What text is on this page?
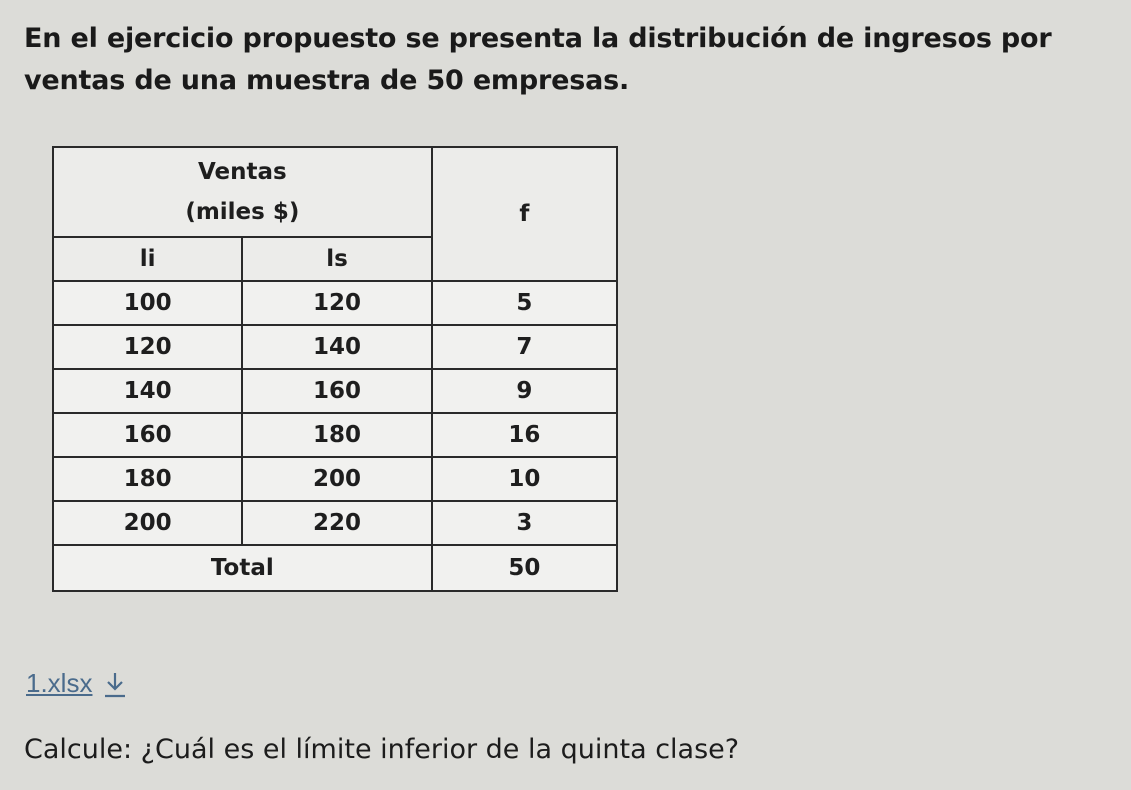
En el ejercicio propuesto se presenta la distribución de ingresos por ventas de una muestra de 50 empresas.
Ventas
(miles $)		f
li	ls	
100	120	5
120	140	7
140	160	9
160	180	16
180	200	10
200	220	3
Total		50
1.xlsx
Calcule: ¿Cuál es el límite inferior de la quinta clase?
